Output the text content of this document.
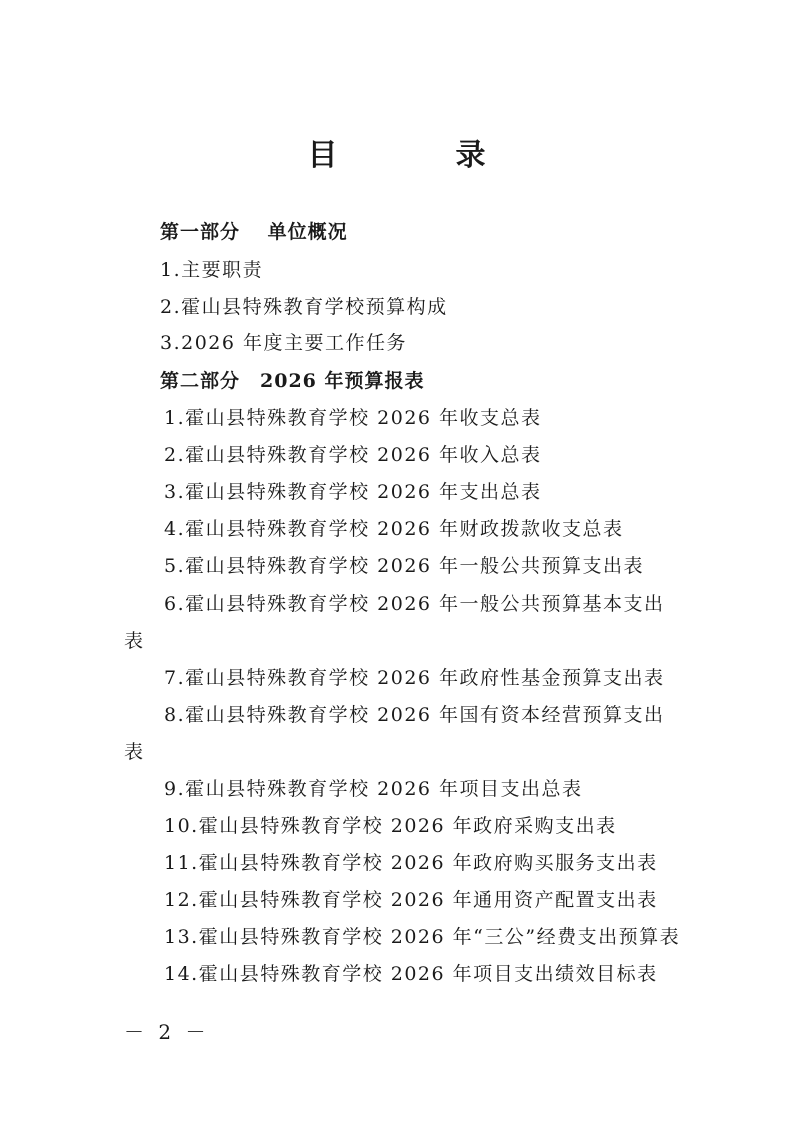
目　录
第一部分　 单位概况
1.主要职责
2.霍山县特殊教育学校预算构成
3.2026 年度主要工作任务
第二部分　2026 年预算报表
1.霍山县特殊教育学校 2026 年收支总表
2.霍山县特殊教育学校 2026 年收入总表
3.霍山县特殊教育学校 2026 年支出总表
4.霍山县特殊教育学校 2026 年财政拨款收支总表
5.霍山县特殊教育学校 2026 年一般公共预算支出表
6.霍山县特殊教育学校 2026 年一般公共预算基本支出
表
7.霍山县特殊教育学校 2026 年政府性基金预算支出表
8.霍山县特殊教育学校 2026 年国有资本经营预算支出
表
9.霍山县特殊教育学校 2026 年项目支出总表
10.霍山县特殊教育学校 2026 年政府采购支出表
11.霍山县特殊教育学校 2026 年政府购买服务支出表
12.霍山县特殊教育学校 2026 年通用资产配置支出表
13.霍山县特殊教育学校 2026 年“三公”经费支出预算表
14.霍山县特殊教育学校 2026 年项目支出绩效目标表
－ 2 －
